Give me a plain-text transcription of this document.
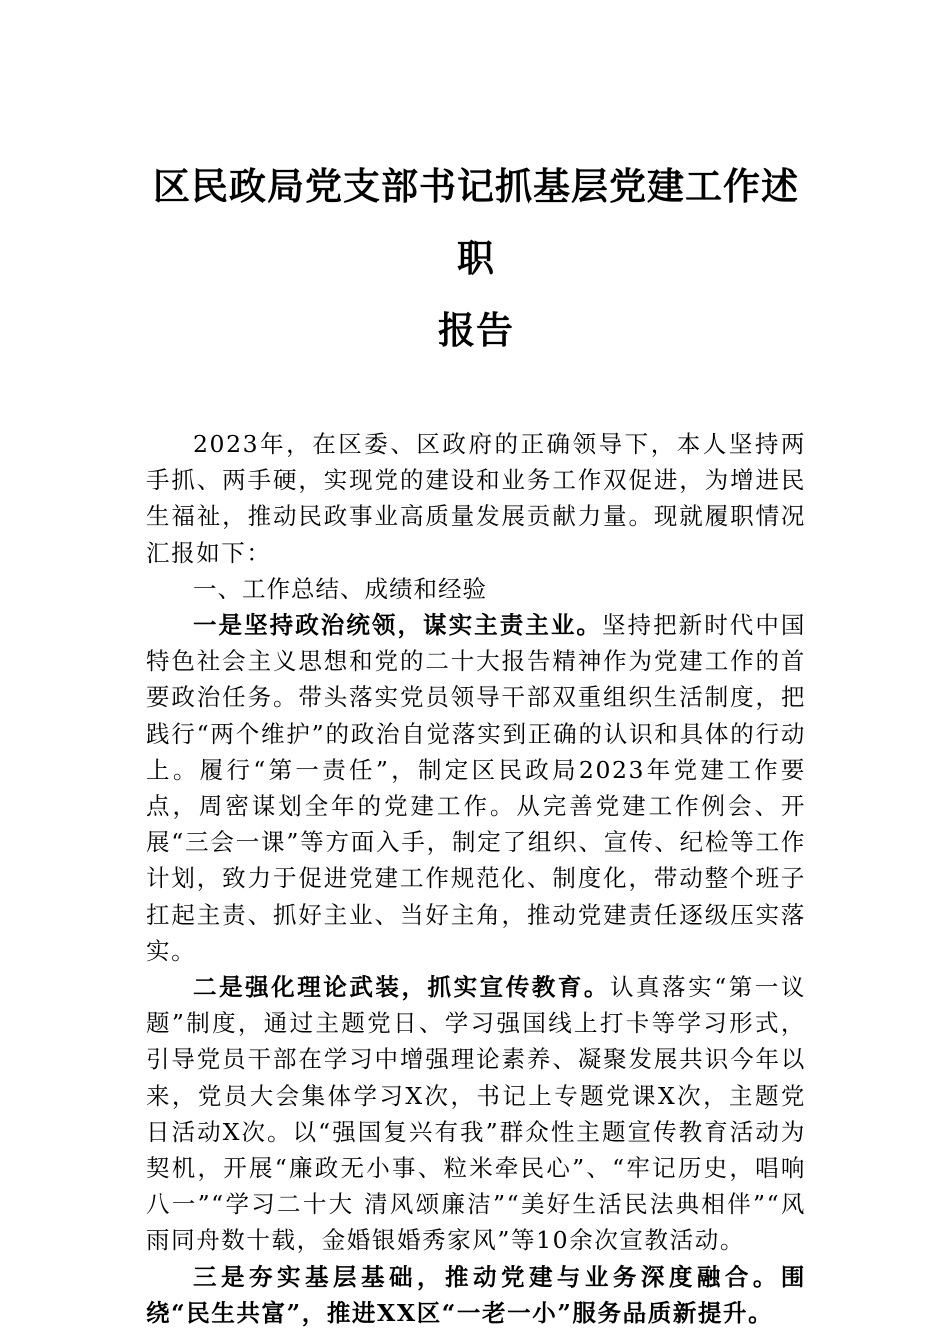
区民政局党支部书记抓基层党建工作述职
报告

2023年，在区委、区政府的正确领导下，本人坚持两手抓、两手硬，实现党的建设和业务工作双促进，为增进民生福祉，推动民政事业高质量发展贡献力量。现就履职情况汇报如下：

一、工作总结、成绩和经验

一是坚持政治统领，谋实主责主业。坚持把新时代中国特色社会主义思想和党的二十大报告精神作为党建工作的首要政治任务。带头落实党员领导干部双重组织生活制度，把践行“两个维护”的政治自觉落实到正确的认识和具体的行动上。履行“第一责任”，制定区民政局2023年党建工作要点，周密谋划全年的党建工作。从完善党建工作例会、开展“三会一课”等方面入手，制定了组织、宣传、纪检等工作计划，致力于促进党建工作规范化、制度化，带动整个班子扛起主责、抓好主业、当好主角，推动党建责任逐级压实落实。

二是强化理论武装，抓实宣传教育。认真落实“第一议题”制度，通过主题党日、学习强国线上打卡等学习形式，引导党员干部在学习中增强理论素养、凝聚发展共识今年以来，党员大会集体学习X次，书记上专题党课X次，主题党日活动X次。以“强国复兴有我”群众性主题宣传教育活动为契机，开展“廉政无小事、粒米牵民心”、“牢记历史，唱响八一”“学习二十大 清风颂廉洁”“美好生活民法典相伴”“风雨同舟数十载，金婚银婚秀家风”等10余次宣教活动。

三是夯实基层基础，推动党建与业务深度融合。围绕“民生共富”，推进XX区“一老一小”服务品质新提升。
